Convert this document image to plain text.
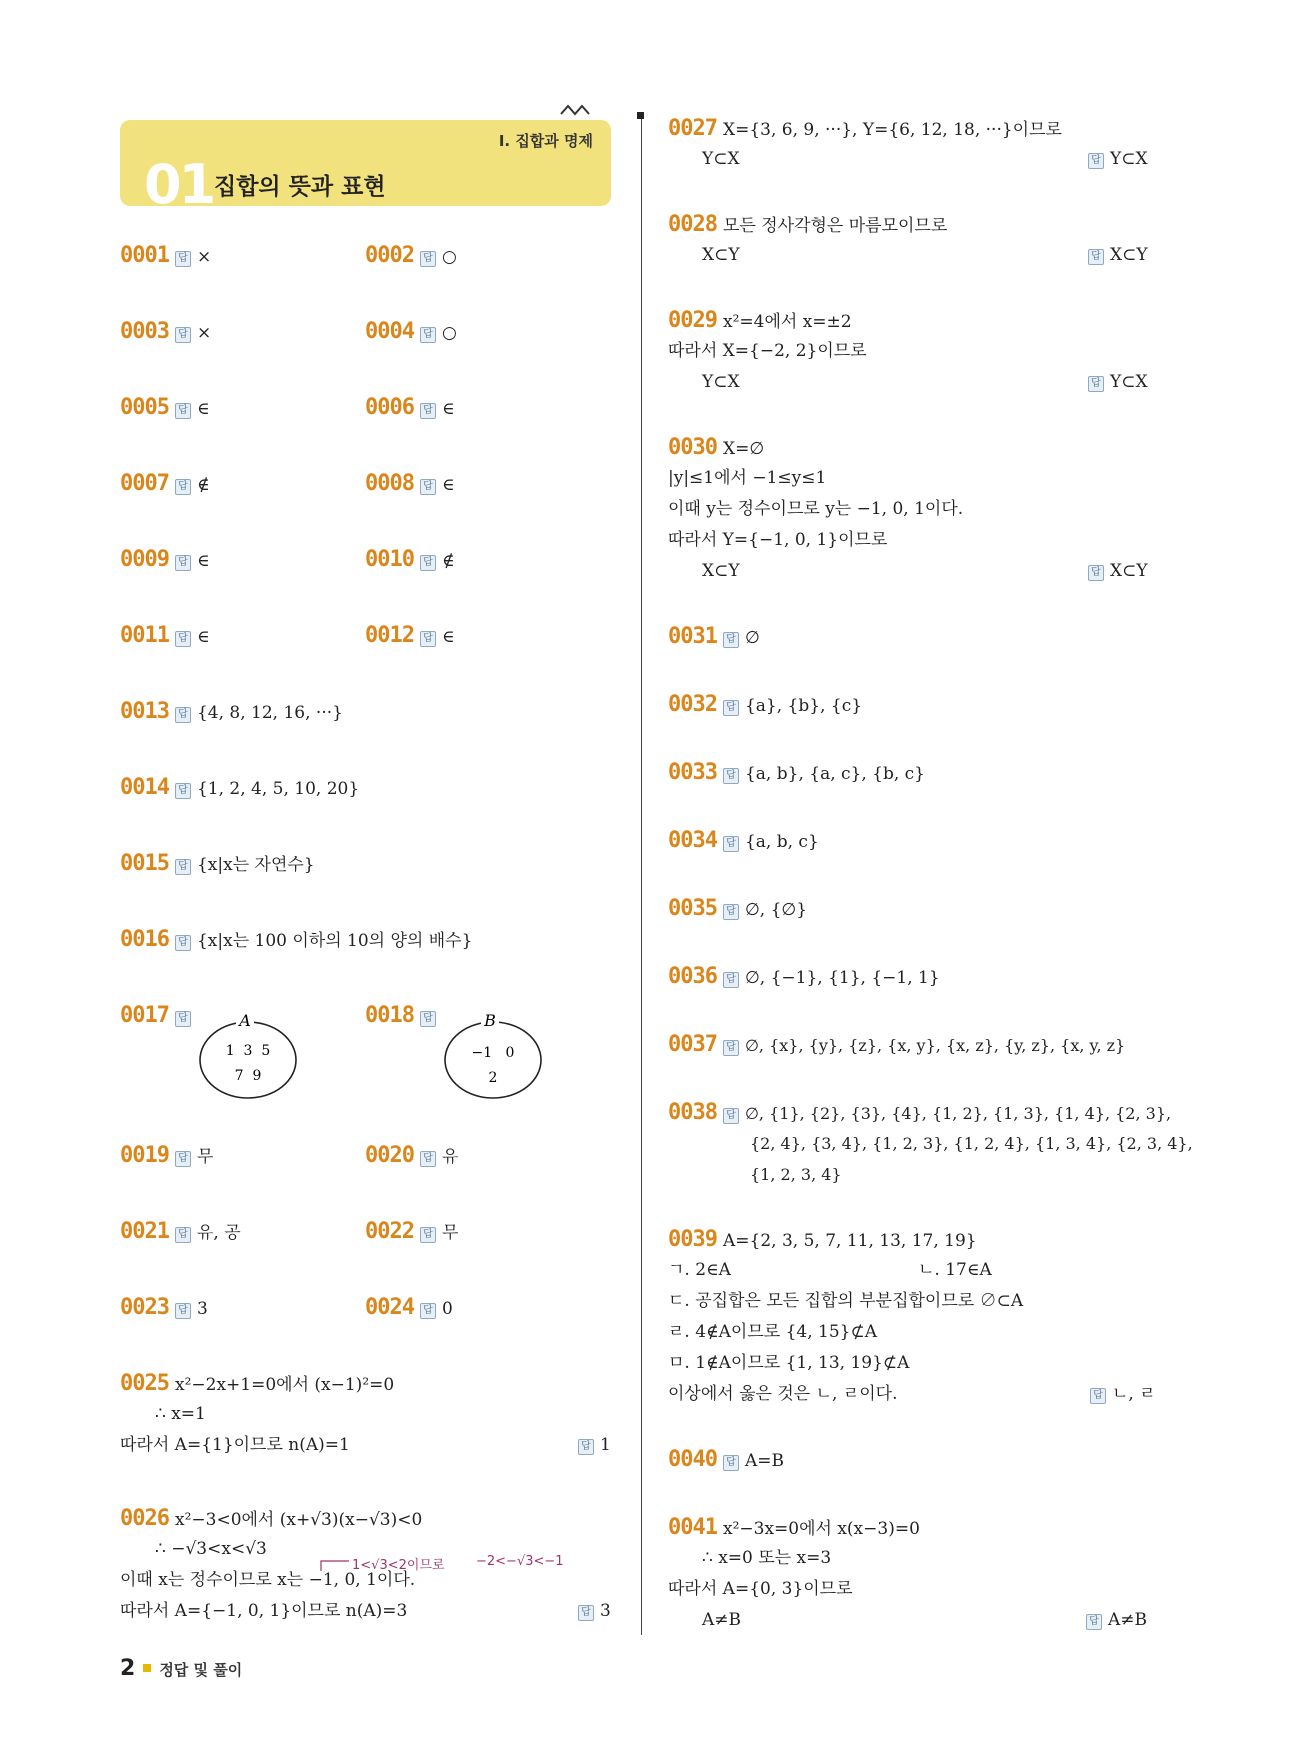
Ⅰ. 집합과 명제
01 집합의 뜻과 표현
0001 답 ×	0002 답 ○
0003 답 ×	0004 답 ○
0005 답 ∈	0006 답 ∈
0007 답 ∉	0008 답 ∈
0009 답 ∈	0010 답 ∉
0011 답 ∈	0012 답 ∈
0013 답 {4, 8, 12, 16, ···}
0014 답 {1, 2, 4, 5, 10, 20}
0015 답 {x|x는 자연수}
0016 답 {x|x는 100 이하의 10의 양의 배수}
0017 답	A
1  3  5
7  9
0018 답	B
−1   0
2
0019 답 무	0020 답 유
0021 답 유, 공	0022 답 무
0023 답 3	0024 답 0
0025 x²−2x+1=0에서 (x−1)²=0
∴ x=1
따라서 A={1}이므로 n(A)=1	답 1
0026 x²−3<0에서 (x+√3)(x−√3)<0
∴ −√3<x<√3
1<√3<2이므로 −2<−√3<−1
이때 x는 정수이므로 x는 −1, 0, 1이다.
따라서 A={−1, 0, 1}이므로 n(A)=3	답 3
0027 X={3, 6, 9, ···}, Y={6, 12, 18, ···}이므로
Y⊂X	답 Y⊂X
0028 모든 정사각형은 마름모이므로
X⊂Y	답 X⊂Y
0029 x²=4에서 x=±2
따라서 X={−2, 2}이므로
Y⊂X	답 Y⊂X
0030 X=∅
|y|≤1에서 −1≤y≤1
이때 y는 정수이므로 y는 −1, 0, 1이다.
따라서 Y={−1, 0, 1}이므로
X⊂Y	답 X⊂Y
0031 답 ∅
0032 답 {a}, {b}, {c}
0033 답 {a, b}, {a, c}, {b, c}
0034 답 {a, b, c}
0035 답 ∅, {∅}
0036 답 ∅, {−1}, {1}, {−1, 1}
0037 답 ∅, {x}, {y}, {z}, {x, y}, {x, z}, {y, z}, {x, y, z}
0038 답 ∅, {1}, {2}, {3}, {4}, {1, 2}, {1, 3}, {1, 4}, {2, 3},
{2, 4}, {3, 4}, {1, 2, 3}, {1, 2, 4}, {1, 3, 4}, {2, 3, 4},
{1, 2, 3, 4}
0039 A={2, 3, 5, 7, 11, 13, 17, 19}
ㄱ. 2∈A	ㄴ. 17∈A
ㄷ. 공집합은 모든 집합의 부분집합이므로 ∅⊂A
ㄹ. 4∉A이므로 {4, 15}⊄A
ㅁ. 1∉A이므로 {1, 13, 19}⊄A
이상에서 옳은 것은 ㄴ, ㄹ이다.	답 ㄴ, ㄹ
0040 답 A=B
0041 x²−3x=0에서 x(x−3)=0
∴ x=0 또는 x=3
따라서 A={0, 3}이므로
A≠B	답 A≠B
2 정답 및 풀이
